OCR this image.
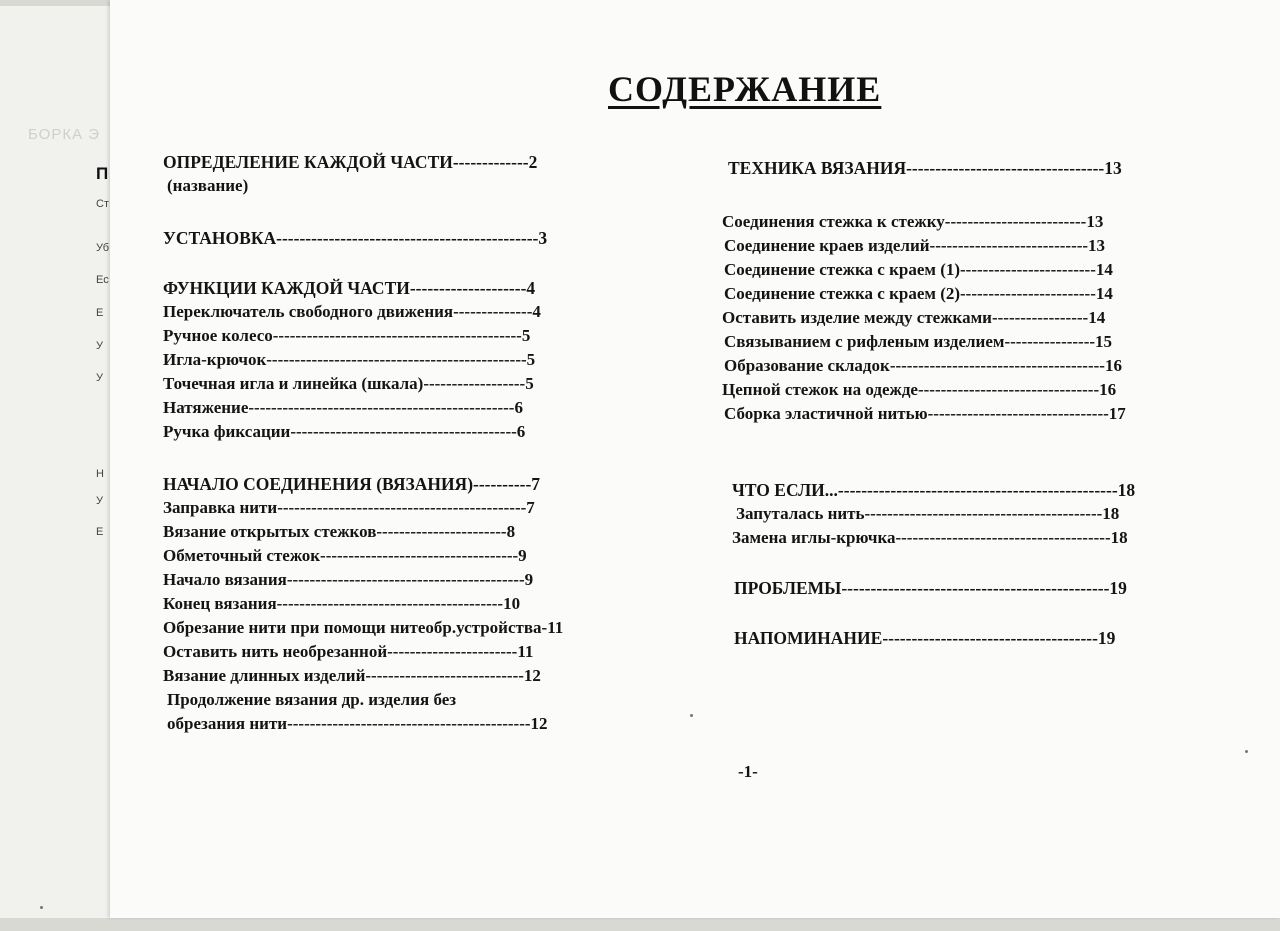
БОРКА Э
П
Ст
Уб
Ес
Е
У
У
Н
У
Е
СОДЕРЖАНИЕ
ОПРЕДЕЛЕНИЕ КАЖДОЙ ЧАСТИ-------------2
(название)
УСТАНОВКА---------------------------------------------3
ФУНКЦИИ КАЖДОЙ ЧАСТИ--------------------4
Переключатель свободного движения--------------4
Ручное колесо--------------------------------------------5
Игла-крючок----------------------------------------------5
Точечная игла и линейка (шкала)------------------5
Натяжение-----------------------------------------------6
Ручка фиксации----------------------------------------6
НАЧАЛО СОЕДИНЕНИЯ (ВЯЗАНИЯ)----------7
Заправка нити--------------------------------------------7
Вязание открытых стежков-----------------------8
Обметочный стежок-----------------------------------9
Начало вязания------------------------------------------9
Конец вязания----------------------------------------10
Обрезание нити при помощи нитеобр.устройства-11
Оставить нить необрезанной-----------------------11
Вязание длинных изделий----------------------------12
Продолжение вязания др. изделия без
обрезания нити-------------------------------------------12
ТЕХНИКА ВЯЗАНИЯ----------------------------------13
Соединения стежка к стежку-------------------------13
Соединение краев изделий----------------------------13
Соединение стежка с краем (1)------------------------14
Соединение стежка с краем (2)------------------------14
Оставить изделие между стежками-----------------14
Связыванием с рифленым изделием----------------15
Образование складок--------------------------------------16
Цепной стежок на одежде--------------------------------16
Сборка эластичной нитью--------------------------------17
ЧТО ЕСЛИ...------------------------------------------------18
Запуталась нить------------------------------------------18
Замена иглы-крючка--------------------------------------18
ПРОБЛЕМЫ----------------------------------------------19
НАПОМИНАНИЕ-------------------------------------19
-1-
